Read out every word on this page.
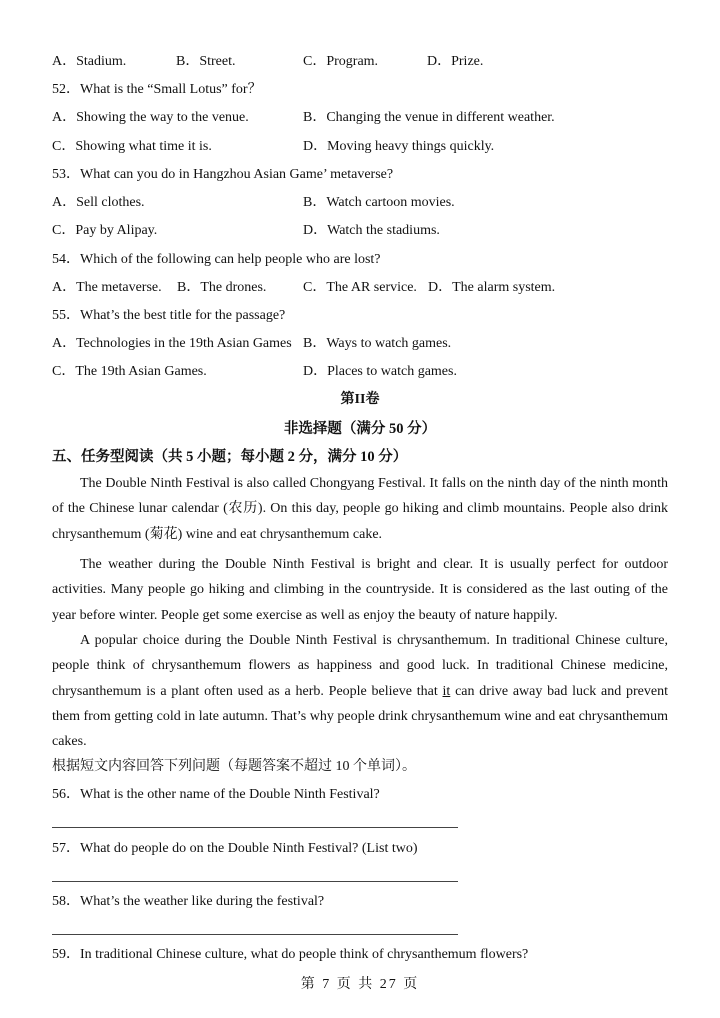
A．Stadium.	B．Street.	C．Program.	D．Prize.
52．What is the “Small Lotus” for？
A．Showing the way to the venue.	B．Changing the venue in different weather.
C．Showing what time it is.	D．Moving heavy things quickly.
53．What can you do in Hangzhou Asian Game’ metaverse?
A．Sell clothes.	B．Watch cartoon movies.
C．Pay by Alipay.	D．Watch the stadiums.
54．Which of the following can help people who are lost?
A．The metaverse. B．The drones.	C．The AR service. D．The alarm system.
55．What’s the best title for the passage?
A．Technologies in the 19th Asian Games B．Ways to watch games.
C．The 19th Asian Games.	D．Places to watch games.
第II卷
非选择题（满分 50 分）
五、任务型阅读（共 5 小题；每小题 2 分，满分 10 分）
The Double Ninth Festival is also called Chongyang Festival. It falls on the ninth day of the ninth month of the Chinese lunar calendar (农历). On this day, people go hiking and climb mountains. People also drink chrysanthemum (菊花) wine and eat chrysanthemum cake.
The weather during the Double Ninth Festival is bright and clear. It is usually perfect for outdoor activities. Many people go hiking and climbing in the countryside. It is considered as the last outing of the year before winter. People get some exercise as well as enjoy the beauty of nature happily.
A popular choice during the Double Ninth Festival is chrysanthemum. In traditional Chinese culture, people think of chrysanthemum flowers as happiness and good luck. In traditional Chinese medicine, chrysanthemum is a plant often used as a herb. People believe that it can drive away bad luck and prevent them from getting cold in late autumn. That’s why people drink chrysanthemum wine and eat chrysanthemum cakes.
根据短文内容回答下列问题（每题答案不超过 10 个单词）。
56．What is the other name of the Double Ninth Festival?
57．What do people do on the Double Ninth Festival? (List two)
58．What’s the weather like during the festival?
59．In traditional Chinese culture, what do people think of chrysanthemum flowers?
第 7 页 共 27 页
